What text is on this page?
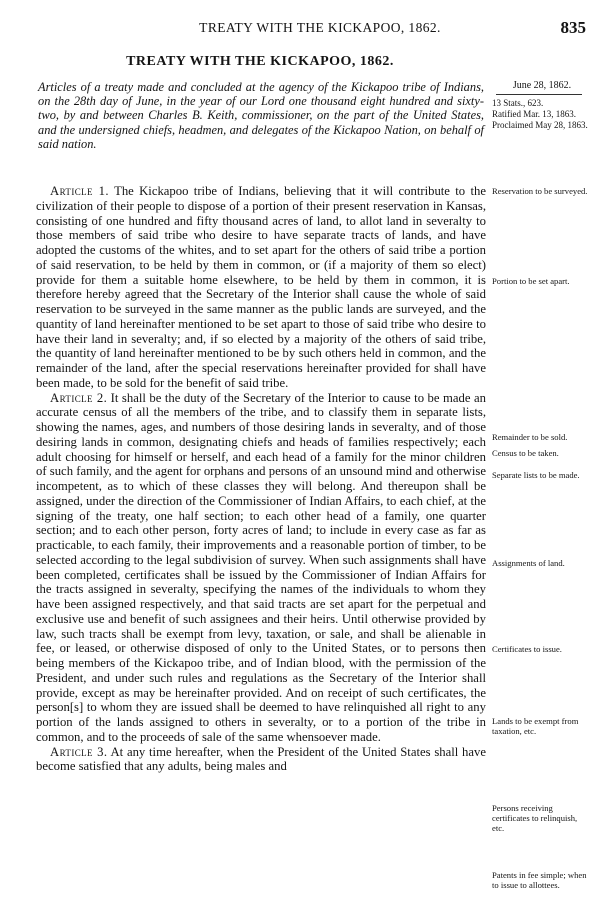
TREATY WITH THE KICKAPOO, 1862.	835
TREATY WITH THE KICKAPOO, 1862.
Articles of a treaty made and concluded at the agency of the Kickapoo tribe of Indians, on the 28th day of June, in the year of our Lord one thousand eight hundred and sixty-two, by and between Charles B. Keith, commissioner, on the part of the United States, and the undersigned chiefs, headmen, and delegates of the Kickapoo Nation, on behalf of said nation.
June 28, 1862.
13 Stats., 623.
Ratified Mar. 13, 1863.
Proclaimed May 28, 1863.

Article 1. The Kickapoo tribe of Indians, believing that it will contribute to the civilization of their people to dispose of a portion of their present reservation in Kansas, consisting of one hundred and fifty thousand acres of land, to allot land in severalty to those members of said tribe who desire to have separate tracts of lands, and have adopted the customs of the whites, and to set apart for the others of said tribe a portion of said reservation, to be held by them in common, or (if a majority of them so elect) provide for them a suitable home elsewhere, to be held by them in common, it is therefore hereby agreed that the Secretary of the Interior shall cause the whole of said reservation to be surveyed in the same manner as the public lands are surveyed, and the quantity of land hereinafter mentioned to be set apart to those of said tribe who desire to have their land in severalty; and, if so elected by a majority of the others of said tribe, the quantity of land hereinafter mentioned to be by such others held in common, and the remainder of the land, after the special reservations hereinafter provided for shall have been made, to be sold for the benefit of said tribe.

Article 2. It shall be the duty of the Secretary of the Interior to cause to be made an accurate census of all the members of the tribe, and to classify them in separate lists, showing the names, ages, and numbers of those desiring lands in severalty, and of those desiring lands in common, designating chiefs and heads of families respectively; each adult choosing for himself or herself, and each head of a family for the minor children of such family, and the agent for orphans and persons of an unsound mind and otherwise incompetent, as to which of these classes they will belong. And thereupon shall be assigned, under the direction of the Commissioner of Indian Affairs, to each chief, at the signing of the treaty, one half section; to each other head of a family, one quarter section; and to each other person, forty acres of land; to include in every case as far as practicable, to each family, their improvements and a reasonable portion of timber, to be selected according to the legal subdivision of survey. When such assignments shall have been completed, certificates shall be issued by the Commissioner of Indian Affairs for the tracts assigned in severalty, specifying the names of the individuals to whom they have been assigned respectively, and that said tracts are set apart for the perpetual and exclusive use and benefit of such assignees and their heirs. Until otherwise provided by law, such tracts shall be exempt from levy, taxation, or sale, and shall be alienable in fee, or leased, or otherwise disposed of only to the United States, or to persons then being members of the Kickapoo tribe, and of Indian blood, with the permission of the President, and under such rules and regulations as the Secretary of the Interior shall provide, except as may be hereinafter provided. And on receipt of such certificates, the person[s] to whom they are issued shall be deemed to have relinquished all right to any portion of the lands assigned to others in severalty, or to a portion of the tribe in common, and to the proceeds of sale of the same whensoever made.

Article 3. At any time hereafter, when the President of the United States shall have become satisfied that any adults, being males and

Reservation to be surveyed.
Portion to be set apart.
Remainder to be sold.
Census to be taken.
Separate lists to be made.
Assignments of land.
Certificates to issue.
Lands to be exempt from taxation, etc.
Persons receiving certificates to relinquish, etc.
Patents in fee simple; when to issue to allottees.
